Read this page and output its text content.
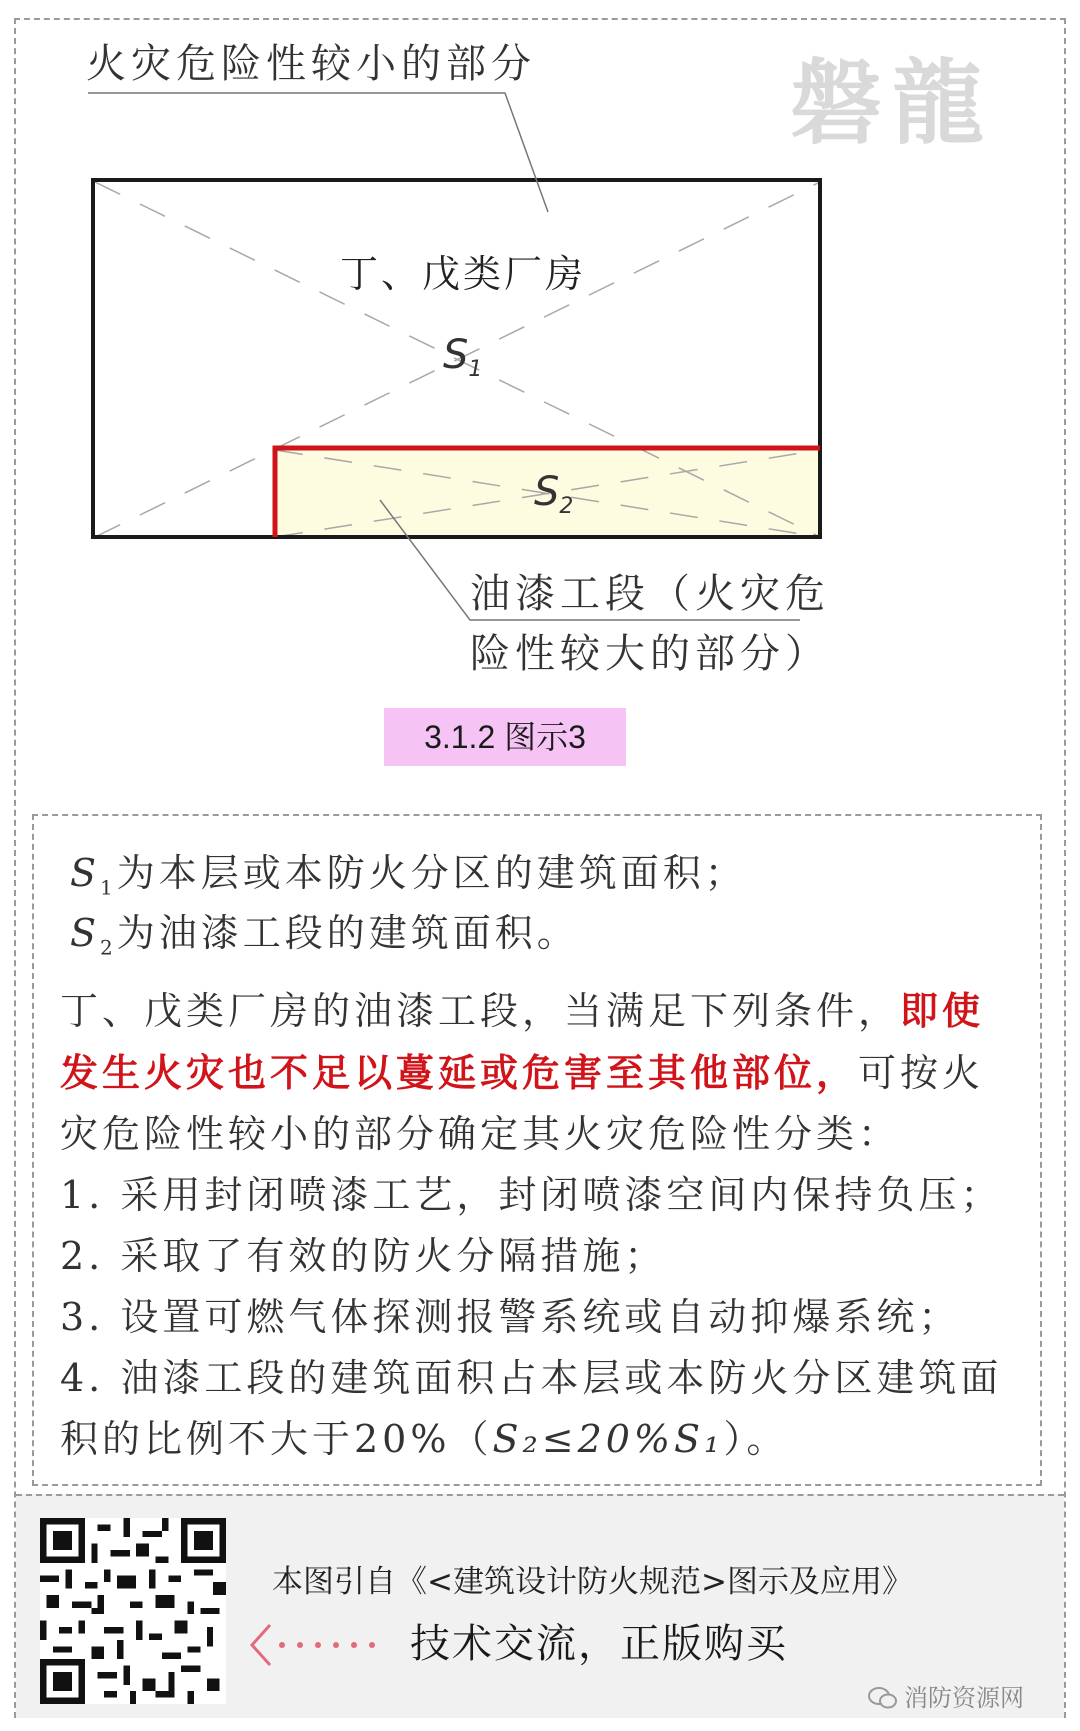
磐龍
丁、戊类厂房
$S_1$
$S_2$
火灾危险性较小的部分
油漆工段（火灾危
险性较大的部分）
3.1.2 图示3
$S_1$为本层或本防火分区的建筑面积；
$S_2$为油漆工段的建筑面积。
丁、戊类厂房的油漆工段，当满足下列条件，即使发生火灾也不足以蔓延或危害至其他部位，可按火灾危险性较小的部分确定其火灾危险性分类：
1. 采用封闭喷漆工艺，封闭喷漆空间内保持负压；
2. 采取了有效的防火分隔措施；
3. 设置可燃气体探测报警系统或自动抑爆系统；
4. 油漆工段的建筑面积占本层或本防火分区建筑面
积的比例不大于20%（S₂≤20%S₁）。
本图引自《<建筑设计防火规范>图示及应用》
技术交流，正版购买
消防资源网
